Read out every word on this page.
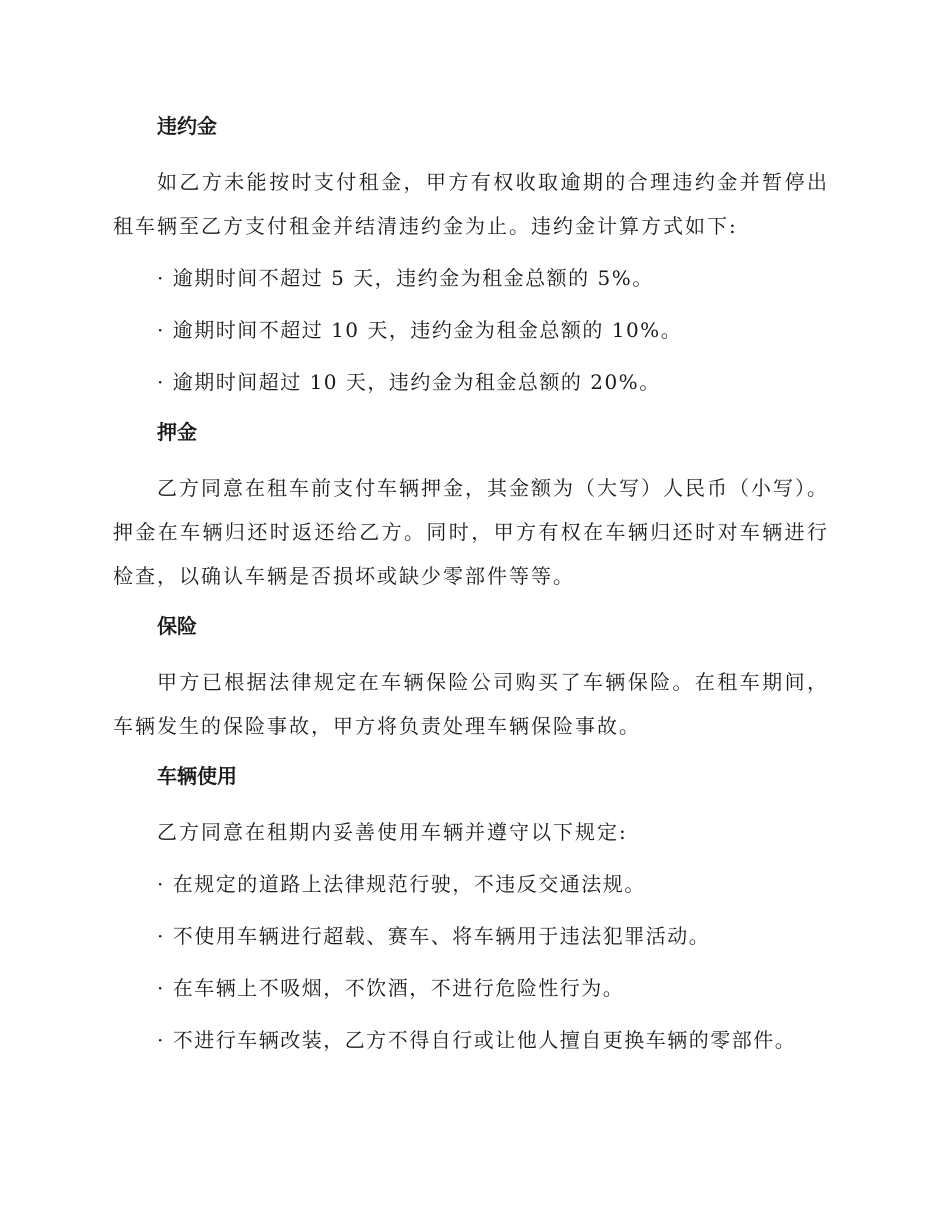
违约金

如乙方未能按时支付租金，甲方有权收取逾期的合理违约金并暂停出租车辆至乙方支付租金并结清违约金为止。违约金计算方式如下:

· 逾期时间不超过 5 天，违约金为租金总额的 5%。
· 逾期时间不超过 10 天，违约金为租金总额的 10%。
· 逾期时间超过 10 天，违约金为租金总额的 20%。
押金

乙方同意在租车前支付车辆押金，其金额为（大写）人民币（小写）。押金在车辆归还时返还给乙方。同时，甲方有权在车辆归还时对车辆进行检查，以确认车辆是否损坏或缺少零部件等等。

保险

甲方已根据法律规定在车辆保险公司购买了车辆保险。在租车期间，车辆发生的保险事故，甲方将负责处理车辆保险事故。

车辆使用

乙方同意在租期内妥善使用车辆并遵守以下规定:

· 在规定的道路上法律规范行驶，不违反交通法规。
· 不使用车辆进行超载、赛车、将车辆用于违法犯罪活动。
· 在车辆上不吸烟，不饮酒，不进行危险性行为。
· 不进行车辆改装，乙方不得自行或让他人擅自更换车辆的零部件。
